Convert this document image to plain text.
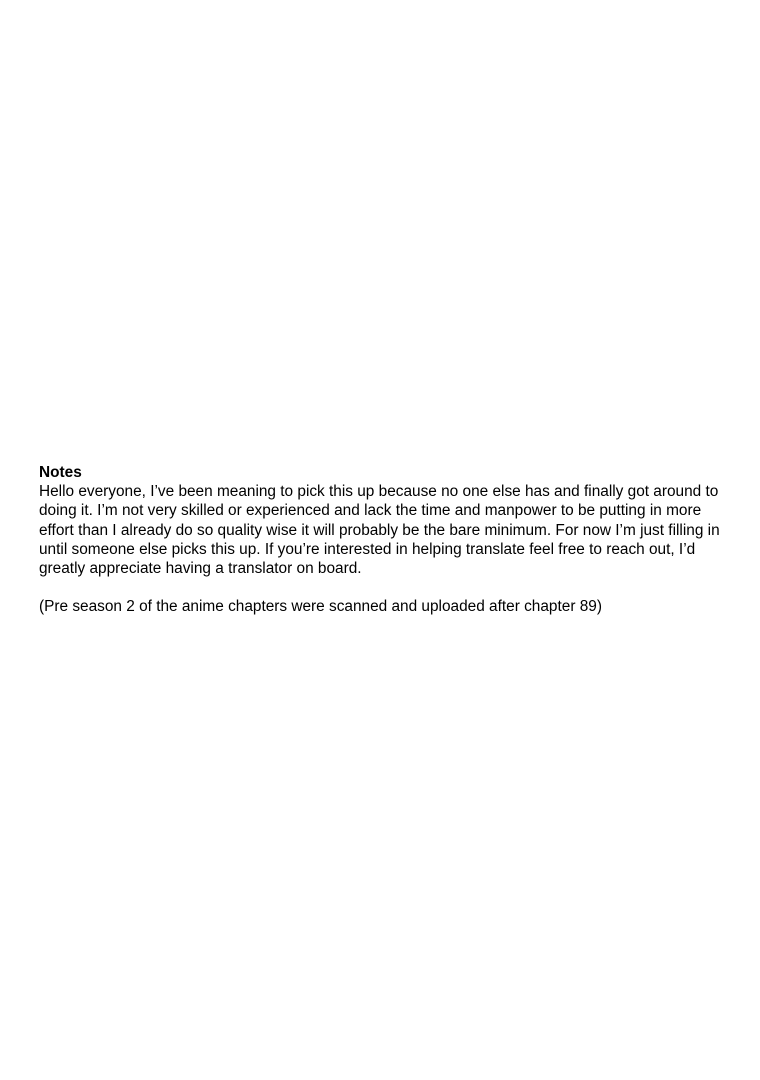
Notes

Hello everyone, I’ve been meaning to pick this up because no one else has and finally got around to doing it. I’m not very skilled or experienced and lack the time and manpower to be putting in more effort than I already do so quality wise it will probably be the bare minimum. For now I’m just filling in until someone else picks this up. If you’re interested in helping translate feel free to reach out, I’d greatly appreciate having a translator on board.

(Pre season 2 of the anime chapters were scanned and uploaded after chapter 89)
